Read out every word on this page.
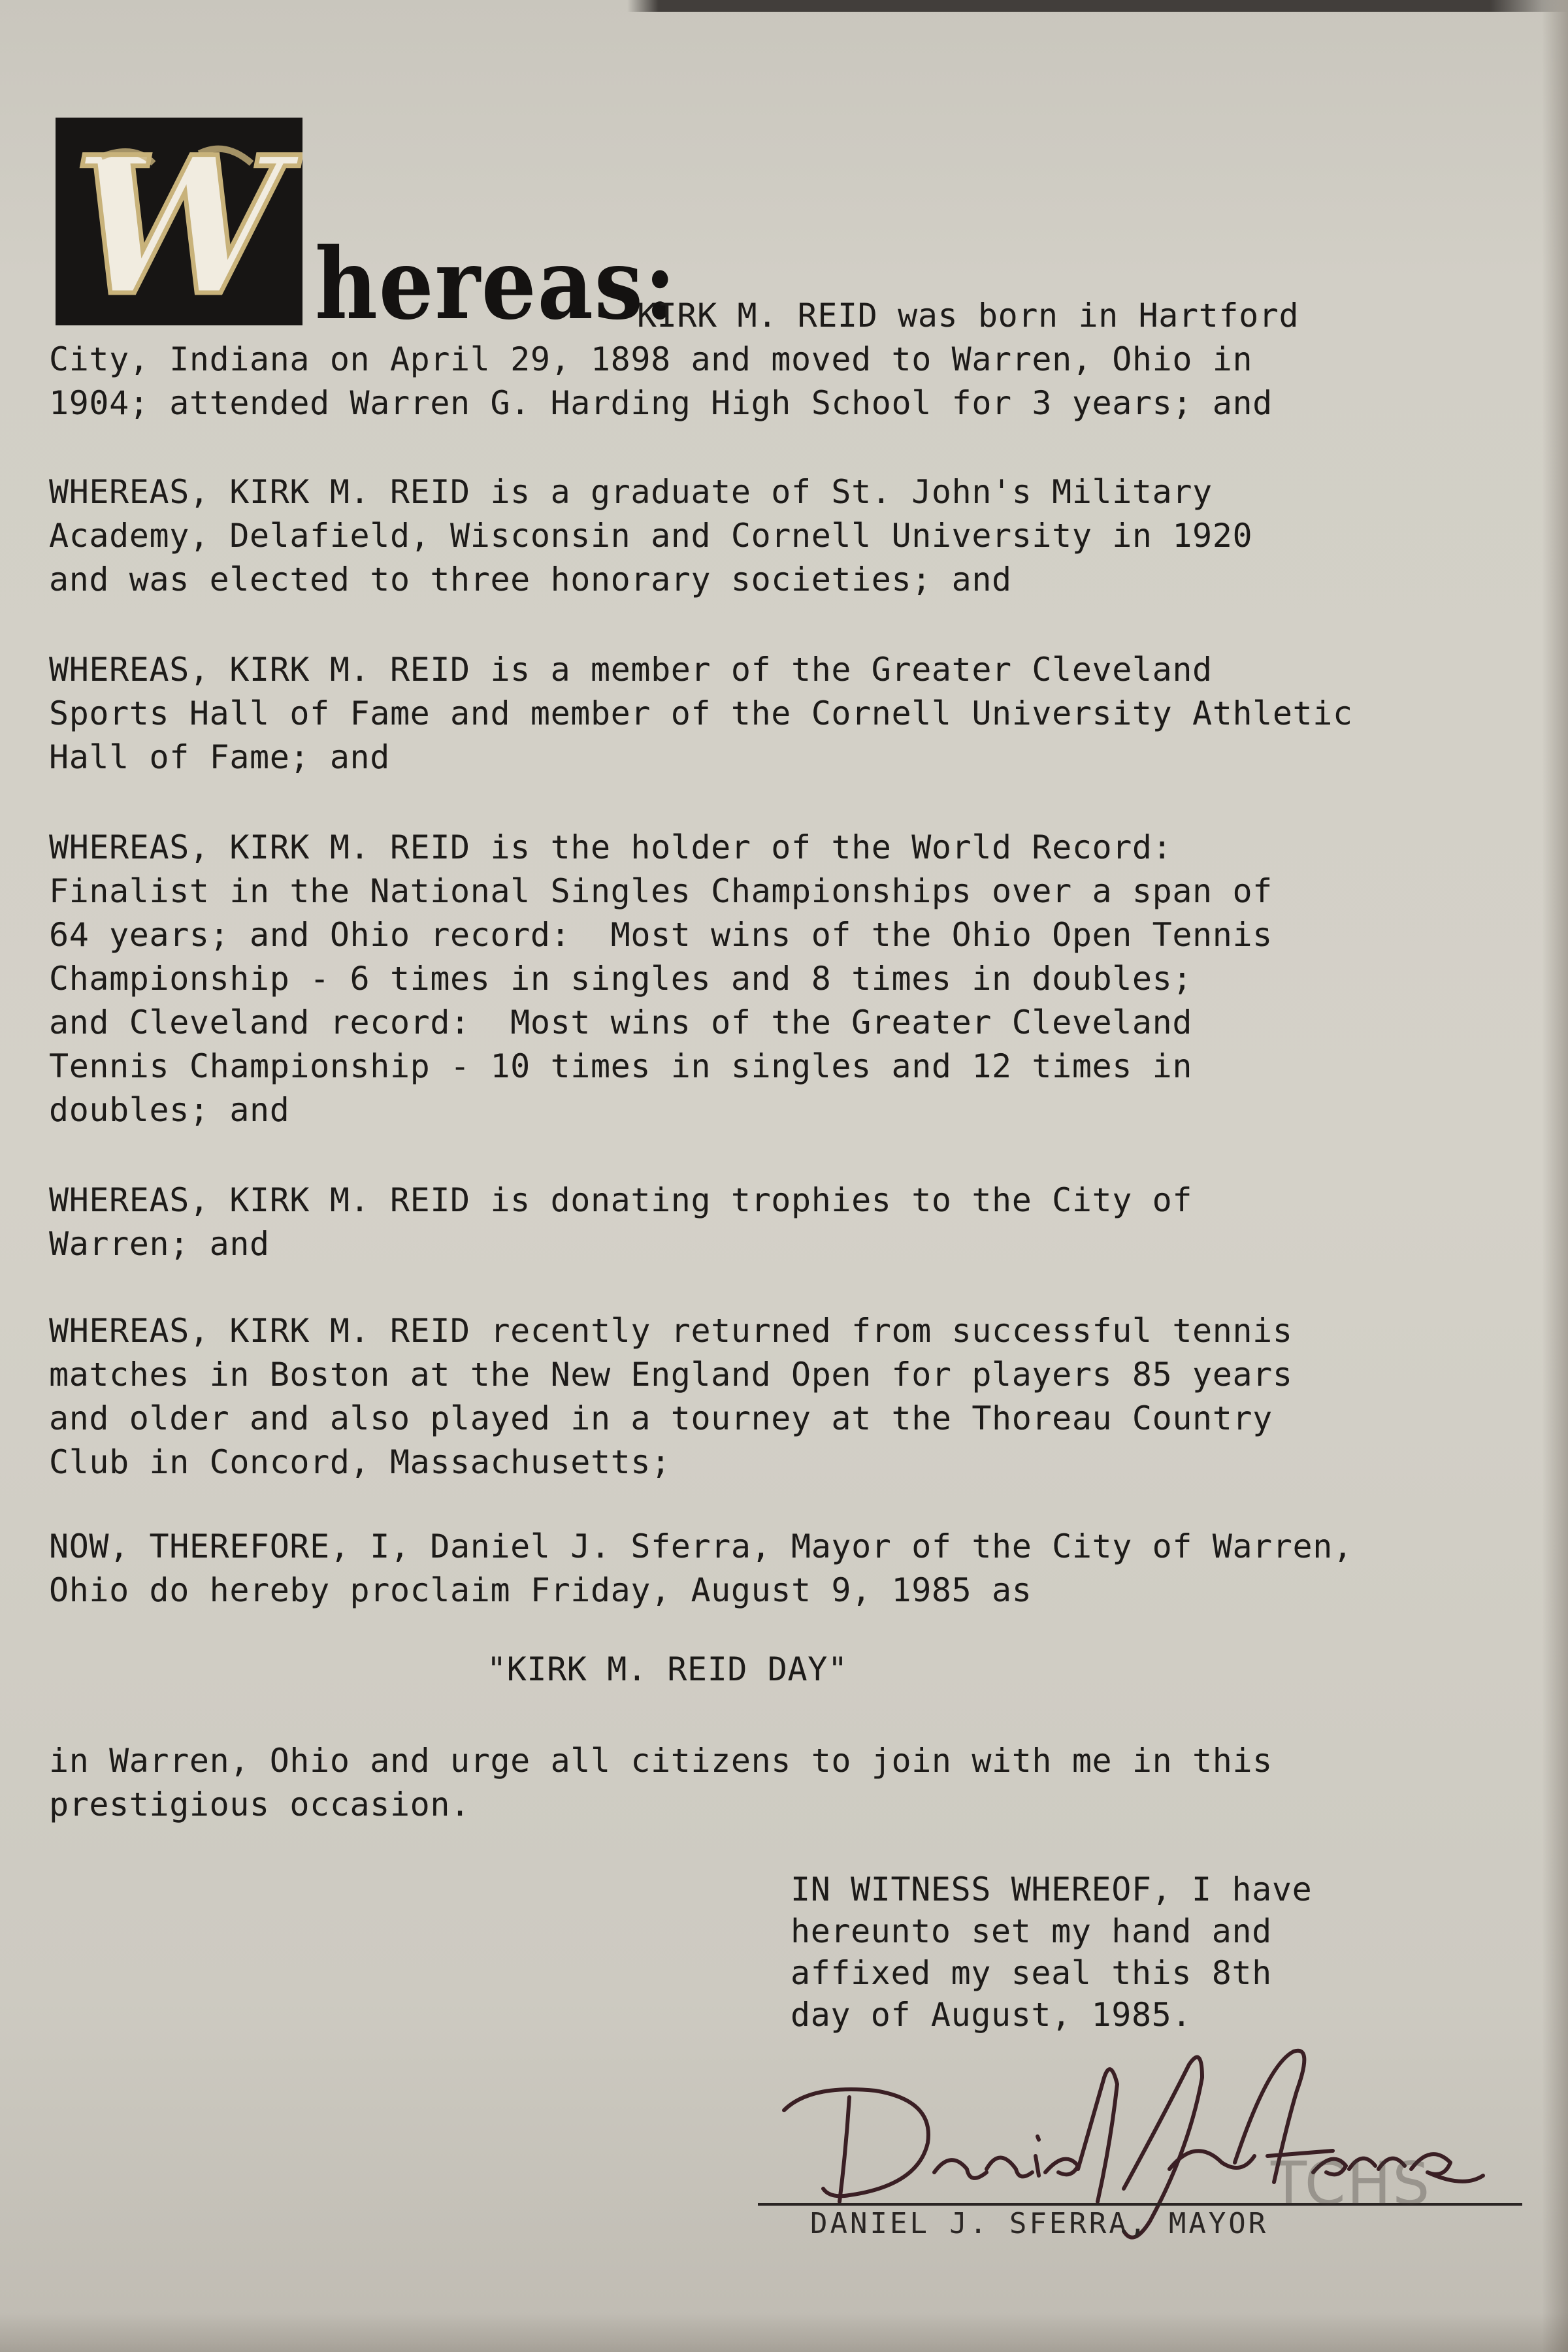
W hereas:

KIRK M. REID was born in Hartford

City, Indiana on April 29, 1898 and moved to Warren, Ohio in

1904; attended Warren G. Harding High School for 3 years; and

WHEREAS, KIRK M. REID is a graduate of St. John's Military

Academy, Delafield, Wisconsin and Cornell University in 1920

and was elected to three honorary societies; and

WHEREAS, KIRK M. REID is a member of the Greater Cleveland

Sports Hall of Fame and member of the Cornell University Athletic

Hall of Fame; and

WHEREAS, KIRK M. REID is the holder of the World Record:

Finalist in the National Singles Championships over a span of

64 years; and Ohio record:  Most wins of the Ohio Open Tennis

Championship - 6 times in singles and 8 times in doubles;

and Cleveland record:  Most wins of the Greater Cleveland

Tennis Championship - 10 times in singles and 12 times in

doubles; and

WHEREAS, KIRK M. REID is donating trophies to the City of

Warren; and

WHEREAS, KIRK M. REID recently returned from successful tennis

matches in Boston at the New England Open for players 85 years

and older and also played in a tourney at the Thoreau Country

Club in Concord, Massachusetts;

NOW, THEREFORE, I, Daniel J. Sferra, Mayor of the City of Warren,

Ohio do hereby proclaim Friday, August 9, 1985 as

"KIRK M. REID DAY"

in Warren, Ohio and urge all citizens to join with me in this

prestigious occasion.

IN WITNESS WHEREOF, I have

hereunto set my hand and

affixed my seal this 8th

day of August, 1985.

DANIEL J. SFERRA, MAYOR

TCHS
